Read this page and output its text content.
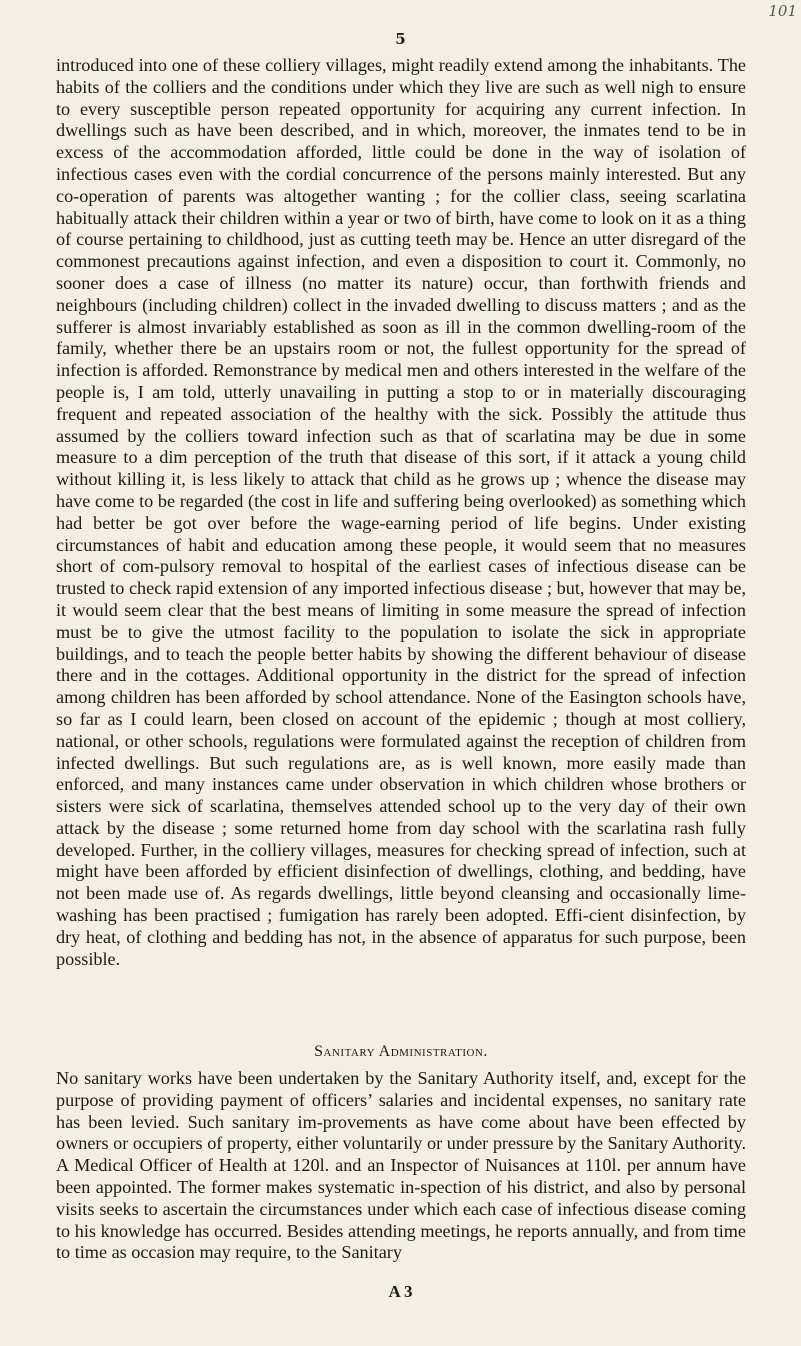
101
5

introduced into one of these colliery villages, might readily extend among the inhabitants. The habits of the colliers and the conditions under which they live are such as well nigh to ensure to every susceptible person repeated opportunity for acquiring any current infection. In dwellings such as have been described, and in which, moreover, the inmates tend to be in excess of the accommodation afforded, little could be done in the way of isolation of infectious cases even with the cordial concurrence of the persons mainly interested. But any co-operation of parents was altogether wanting ; for the collier class, seeing scarlatina habitually attack their children within a year or two of birth, have come to look on it as a thing of course pertaining to childhood, just as cutting teeth may be. Hence an utter disregard of the commonest precautions against infection, and even a disposition to court it. Commonly, no sooner does a case of illness (no matter its nature) occur, than forthwith friends and neighbours (including children) collect in the invaded dwelling to discuss matters ; and as the sufferer is almost invariably established as soon as ill in the common dwelling-room of the family, whether there be an upstairs room or not, the fullest opportunity for the spread of infection is afforded. Remonstrance by medical men and others interested in the welfare of the people is, I am told, utterly unavailing in putting a stop to or in materially discouraging frequent and repeated association of the healthy with the sick. Possibly the attitude thus assumed by the colliers toward infection such as that of scarlatina may be due in some measure to a dim perception of the truth that disease of this sort, if it attack a young child without killing it, is less likely to attack that child as he grows up ; whence the disease may have come to be regarded (the cost in life and suffering being overlooked) as something which had better be got over before the wage-earning period of life begins. Under existing circumstances of habit and education among these people, it would seem that no measures short of com-pulsory removal to hospital of the earliest cases of infectious disease can be trusted to check rapid extension of any imported infectious disease ; but, however that may be, it would seem clear that the best means of limiting in some measure the spread of infection must be to give the utmost facility to the population to isolate the sick in appropriate buildings, and to teach the people better habits by showing the different behaviour of disease there and in the cottages. Additional opportunity in the district for the spread of infection among children has been afforded by school attendance. None of the Easington schools have, so far as I could learn, been closed on account of the epidemic ; though at most colliery, national, or other schools, regulations were formulated against the reception of children from infected dwellings. But such regulations are, as is well known, more easily made than enforced, and many instances came under observation in which children whose brothers or sisters were sick of scarlatina, themselves attended school up to the very day of their own attack by the disease ; some returned home from day school with the scarlatina rash fully developed. Further, in the colliery villages, measures for checking spread of infection, such at might have been afforded by efficient disinfection of dwellings, clothing, and bedding, have not been made use of. As regards dwellings, little beyond cleansing and occasionally lime-washing has been practised ; fumigation has rarely been adopted. Effi-cient disinfection, by dry heat, of clothing and bedding has not, in the absence of apparatus for such purpose, been possible.

Sanitary Administration.

No sanitary works have been undertaken by the Sanitary Authority itself, and, except for the purpose of providing payment of officers’ salaries and incidental expenses, no sanitary rate has been levied. Such sanitary im-provements as have come about have been effected by owners or occupiers of property, either voluntarily or under pressure by the Sanitary Authority. A Medical Officer of Health at 120l. and an Inspector of Nuisances at 110l. per annum have been appointed. The former makes systematic in-spection of his district, and also by personal visits seeks to ascertain the circumstances under which each case of infectious disease coming to his knowledge has occurred. Besides attending meetings, he reports annually, and from time to time as occasion may require, to the Sanitary

A 3
